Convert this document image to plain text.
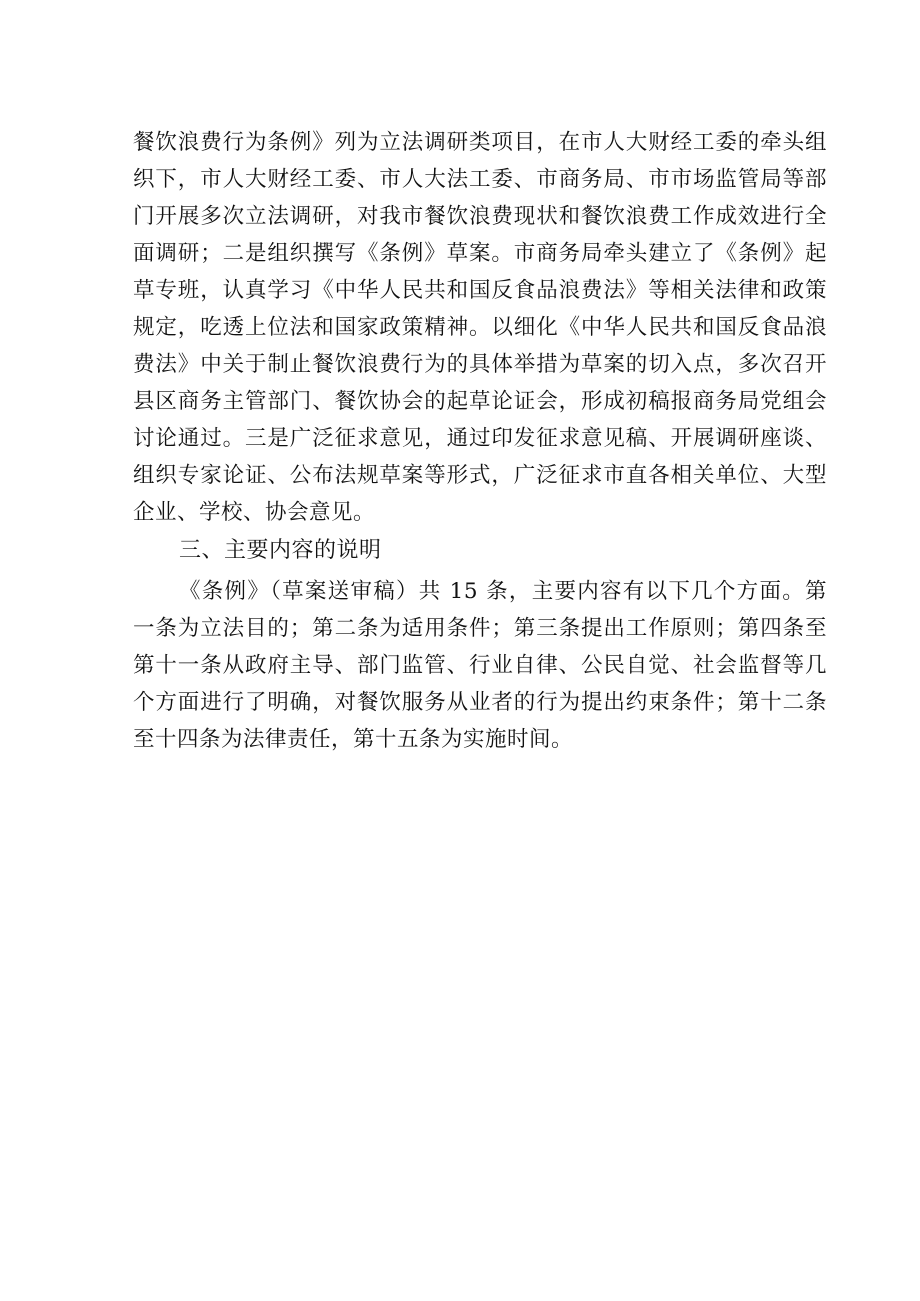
餐饮浪费行为条例》列为立法调研类项目，在市人大财经工委的牵头组织下，市人大财经工委、市人大法工委、市商务局、市市场监管局等部门开展多次立法调研，对我市餐饮浪费现状和餐饮浪费工作成效进行全面调研；二是组织撰写《条例》草案。市商务局牵头建立了《条例》起草专班，认真学习《中华人民共和国反食品浪费法》等相关法律和政策规定，吃透上位法和国家政策精神。以细化《中华人民共和国反食品浪费法》中关于制止餐饮浪费行为的具体举措为草案的切入点，多次召开县区商务主管部门、餐饮协会的起草论证会，形成初稿报商务局党组会讨论通过。三是广泛征求意见，通过印发征求意见稿、开展调研座谈、组织专家论证、公布法规草案等形式，广泛征求市直各相关单位、大型企业、学校、协会意见。

三、主要内容的说明

《条例》（草案送审稿）共 15 条，主要内容有以下几个方面。第一条为立法目的；第二条为适用条件；第三条提出工作原则；第四条至第十一条从政府主导、部门监管、行业自律、公民自觉、社会监督等几个方面进行了明确，对餐饮服务从业者的行为提出约束条件；第十二条至十四条为法律责任，第十五条为实施时间。
